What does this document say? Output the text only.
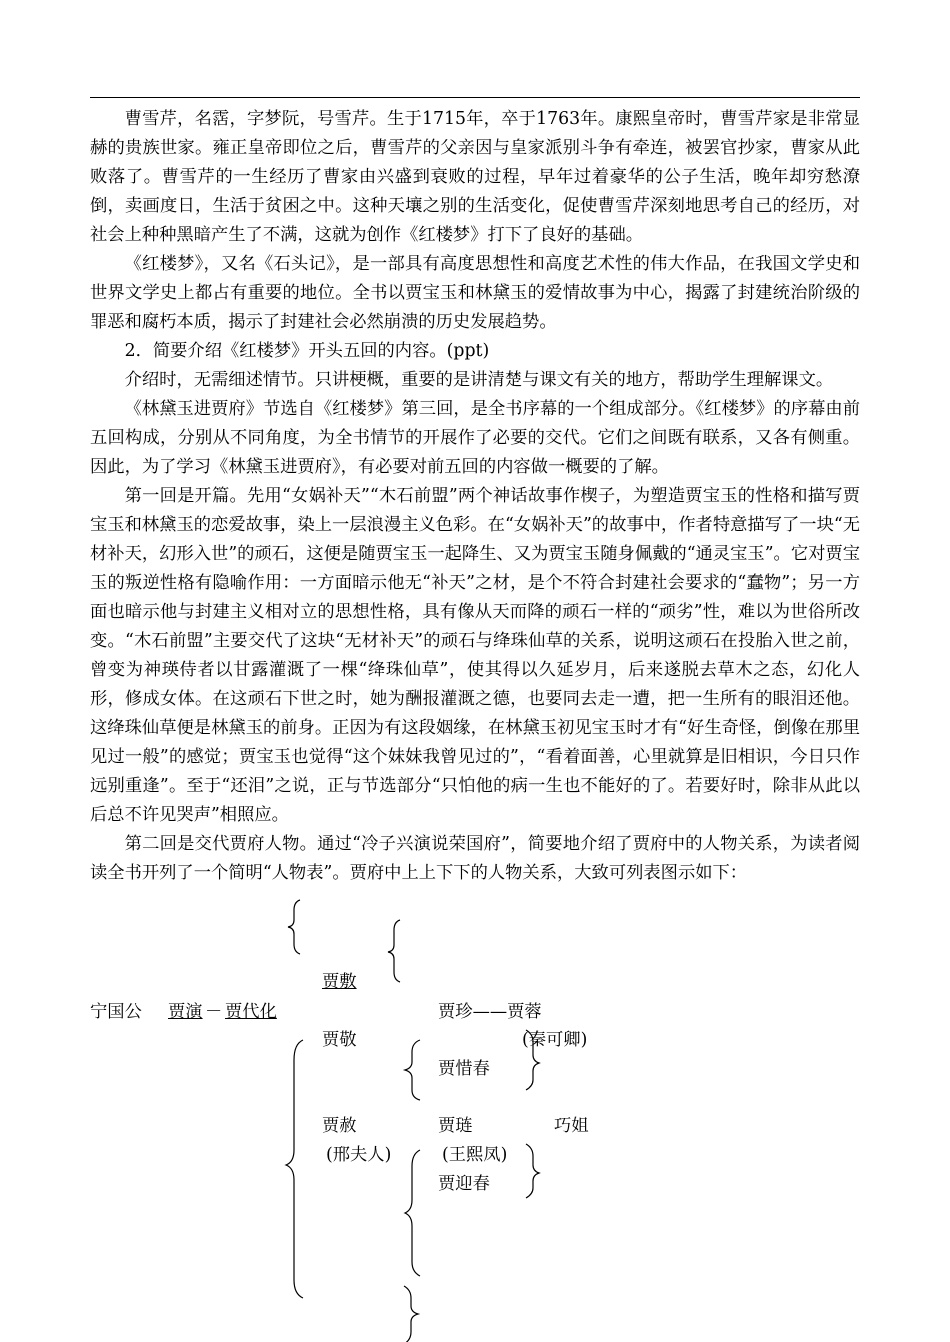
曹雪芹，名霑，字梦阮，号雪芹。生于1715年，卒于1763年。康熙皇帝时，曹雪芹家是非常显赫的贵族世家。雍正皇帝即位之后，曹雪芹的父亲因与皇家派别斗争有牵连，被罢官抄家，曹家从此败落了。曹雪芹的一生经历了曹家由兴盛到衰败的过程，早年过着豪华的公子生活，晚年却穷愁潦倒，卖画度日，生活于贫困之中。这种天壤之别的生活变化，促使曹雪芹深刻地思考自己的经历，对社会上种种黑暗产生了不满，这就为创作《红楼梦》打下了良好的基础。

《红楼梦》，又名《石头记》，是一部具有高度思想性和高度艺术性的伟大作品，在我国文学史和世界文学史上都占有重要的地位。全书以贾宝玉和林黛玉的爱情故事为中心，揭露了封建统治阶级的罪恶和腐朽本质，揭示了封建社会必然崩溃的历史发展趋势。

2．简要介绍《红楼梦》开头五回的内容。(ppt)

介绍时，无需细述情节。只讲梗概，重要的是讲清楚与课文有关的地方，帮助学生理解课文。

《林黛玉进贾府》节选自《红楼梦》第三回，是全书序幕的一个组成部分。《红楼梦》的序幕由前五回构成，分别从不同角度，为全书情节的开展作了必要的交代。它们之间既有联系，又各有侧重。因此，为了学习《林黛玉进贾府》，有必要对前五回的内容做一概要的了解。

第一回是开篇。先用“女娲补天”“木石前盟”两个神话故事作楔子，为塑造贾宝玉的性格和描写贾宝玉和林黛玉的恋爱故事，染上一层浪漫主义色彩。在“女娲补天”的故事中，作者特意描写了一块“无材补天，幻形入世”的顽石，这便是随贾宝玉一起降生、又为贾宝玉随身佩戴的“通灵宝玉”。它对贾宝玉的叛逆性格有隐喻作用：一方面暗示他无“补天”之材，是个不符合封建社会要求的“蠢物”；另一方面也暗示他与封建主义相对立的思想性格，具有像从天而降的顽石一样的“顽劣”性，难以为世俗所改变。“木石前盟”主要交代了这块“无材补天”的顽石与绛珠仙草的关系，说明这顽石在投胎入世之前，曾变为神瑛侍者以甘露灌溉了一棵“绛珠仙草”，使其得以久延岁月，后来遂脱去草木之态，幻化人形，修成女体。在这顽石下世之时，她为酬报灌溉之德，也要同去走一遭，把一生所有的眼泪还他。这绛珠仙草便是林黛玉的前身。正因为有这段姻缘，在林黛玉初见宝玉时才有“好生奇怪，倒像在那里见过一般”的感觉；贾宝玉也觉得“这个妹妹我曾见过的”，“看着面善，心里就算是旧相识，今日只作远别重逢”。至于“还泪”之说，正与节选部分“只怕他的病一生也不能好的了。若要好时，除非从此以后总不许见哭声”相照应。

第二回是交代贾府人物。通过“冷子兴演说荣国府”，简要地介绍了贾府中的人物关系，为读者阅读全书开列了一个简明“人物表”。贾府中上上下下的人物关系，大致可列表图示如下：

贾敷
宁国公 贾演 － 贾代化	贾珍——贾蓉
(秦可卿)
贾敬
贾惜春
贾赦	贾琏	巧姐
(邢夫人)	(王熙凤)
贾迎春
